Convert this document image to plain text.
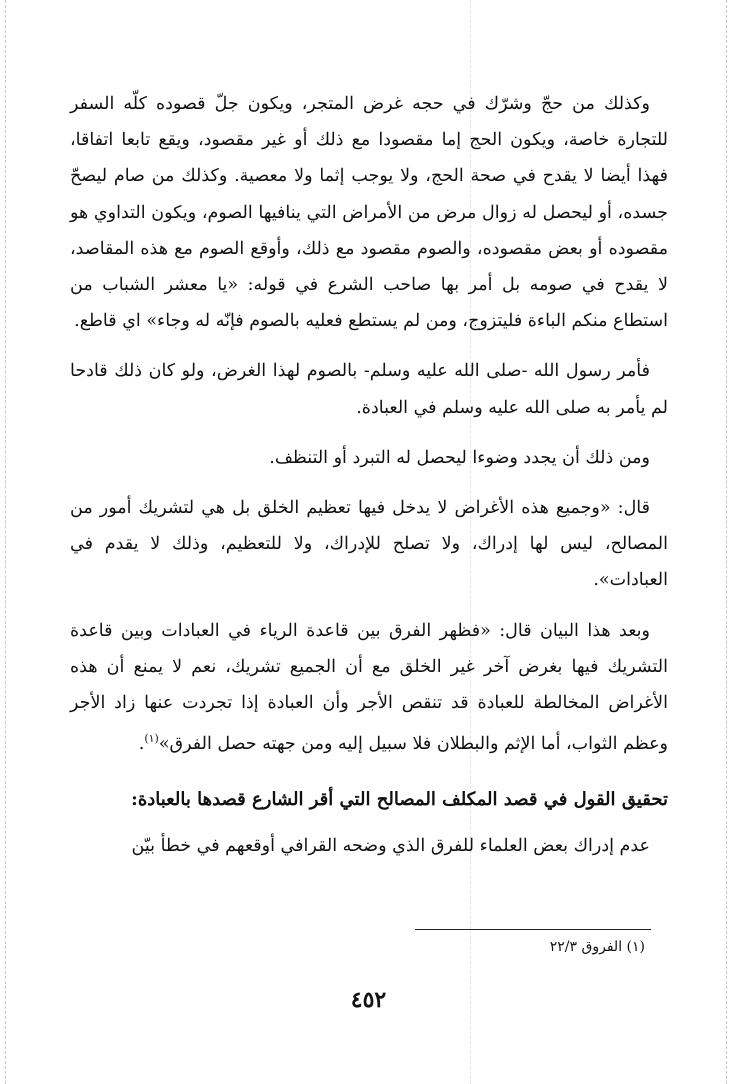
وكذلك من حجّ وشرّك في حجه غرض المتجر، ويكون جلّ قصوده كلّه السفر للتجارة خاصة، ويكون الحج إما مقصودا مع ذلك أو غير مقصود، ويقع تابعا اتفاقا، فهذا أيضا لا يقدح في صحة الحج، ولا يوجب إثما ولا معصية. وكذلك من صام ليصحّ جسده، أو ليحصل له زوال مرض من الأمراض التي ينافيها الصوم، ويكون التداوي هو مقصوده أو بعض مقصوده، والصوم مقصود مع ذلك، وأوقع الصوم مع هذه المقاصد، لا يقدح في صومه بل أمر بها صاحب الشرع في قوله: «يا معشر الشباب من استطاع منكم الباءة فليتزوج، ومن لم يستطع فعليه بالصوم فإنّه له وجاء» اي قاطع.

فأمر رسول الله -صلى الله عليه وسلم- بالصوم لهذا الغرض، ولو كان ذلك قادحا لم يأمر به صلى الله عليه وسلم في العبادة.

ومن ذلك أن يجدد وضوءا ليحصل له التبرد أو التنظف.

قال: «وجميع هذه الأغراض لا يدخل فيها تعظيم الخلق بل هي لتشريك أمور من المصالح، ليس لها إدراك، ولا تصلح للإدراك، ولا للتعظيم، وذلك لا يقدم في العبادات».

وبعد هذا البيان قال: «فظهر الفرق بين قاعدة الرياء في العبادات وبين قاعدة التشريك فيها بغرض آخر غير الخلق مع أن الجميع تشريك، نعم لا يمنع أن هذه الأغراض المخالطة للعبادة قد تنقص الأجر وأن العبادة إذا تجردت عنها زاد الأجر وعظم الثواب، أما الإثم والبطلان فلا سبيل إليه ومن جهته حصل الفرق»$^{(١)}$.

تحقيق القول في قصد المكلف المصالح التي أقر الشارع قصدها بالعبادة:

عدم إدراك بعض العلماء للفرق الذي وضحه القرافي أوقعهم في خطأ بيّن

(١) الفروق ٢٢/٣
٤٥٢
